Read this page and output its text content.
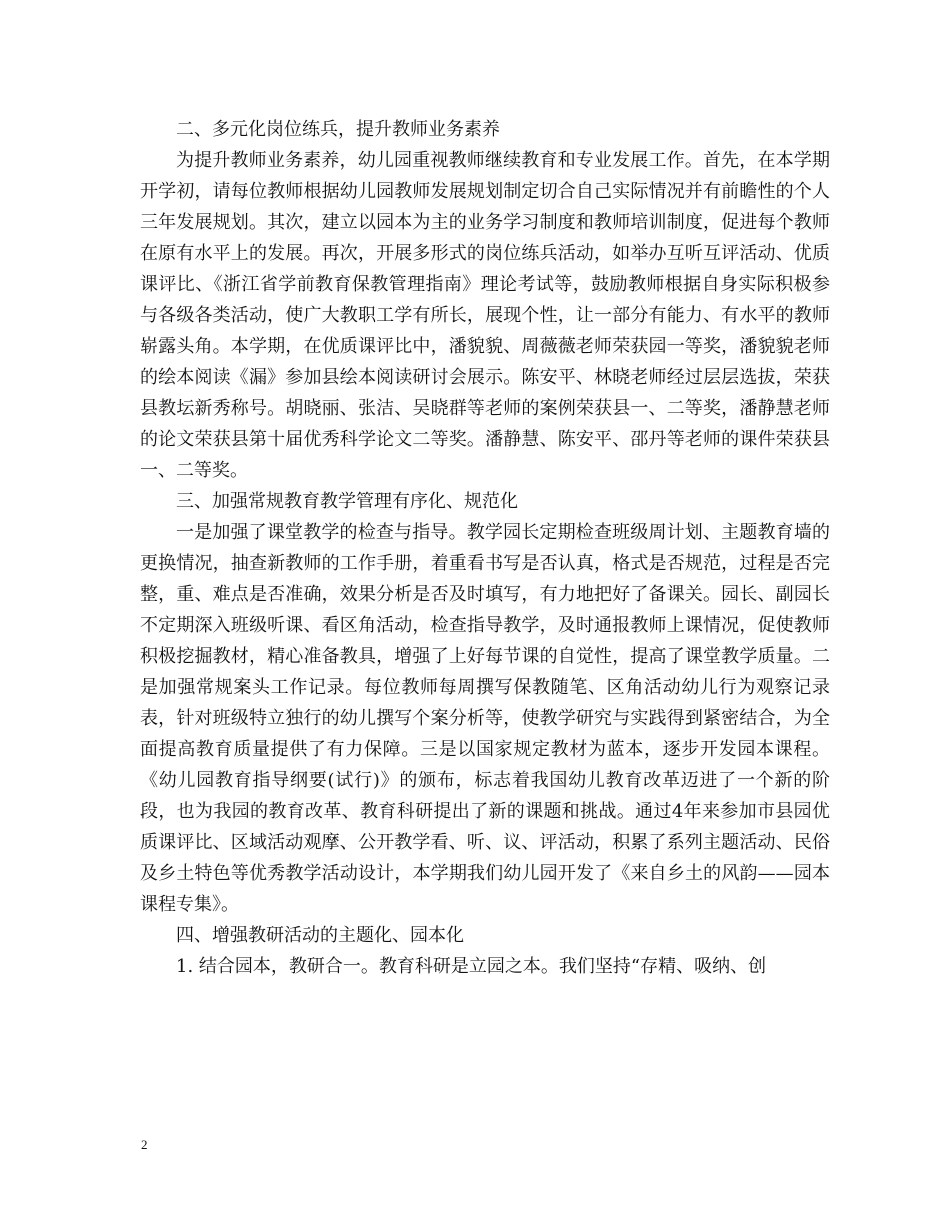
二、多元化岗位练兵，提升教师业务素养

为提升教师业务素养，幼儿园重视教师继续教育和专业发展工作。首先，在本学期开学初，请每位教师根据幼儿园教师发展规划制定切合自己实际情况并有前瞻性的个人三年发展规划。其次，建立以园本为主的业务学习制度和教师培训制度，促进每个教师在原有水平上的发展。再次，开展多形式的岗位练兵活动，如举办互听互评活动、优质课评比、《浙江省学前教育保教管理指南》理论考试等，鼓励教师根据自身实际积极参与各级各类活动，使广大教职工学有所长，展现个性，让一部分有能力、有水平的教师崭露头角。本学期，在优质课评比中，潘貌貌、周薇薇老师荣获园一等奖，潘貌貌老师的绘本阅读《漏》参加县绘本阅读研讨会展示。陈安平、林晓老师经过层层选拔，荣获县教坛新秀称号。胡晓丽、张洁、吴晓群等老师的案例荣获县一、二等奖，潘静慧老师的论文荣获县第十届优秀科学论文二等奖。潘静慧、陈安平、邵丹等老师的课件荣获县一、二等奖。

三、加强常规教育教学管理有序化、规范化

一是加强了课堂教学的检查与指导。教学园长定期检查班级周计划、主题教育墙的更换情况，抽查新教师的工作手册，着重看书写是否认真，格式是否规范，过程是否完整，重、难点是否准确，效果分析是否及时填写，有力地把好了备课关。园长、副园长不定期深入班级听课、看区角活动，检查指导教学，及时通报教师上课情况，促使教师积极挖掘教材，精心准备教具，增强了上好每节课的自觉性，提高了课堂教学质量。二是加强常规案头工作记录。每位教师每周撰写保教随笔、区角活动幼儿行为观察记录表，针对班级特立独行的幼儿撰写个案分析等，使教学研究与实践得到紧密结合，为全面提高教育质量提供了有力保障。三是以国家规定教材为蓝本，逐步开发园本课程。《幼儿园教育指导纲要(试行)》的颁布，标志着我国幼儿教育改革迈进了一个新的阶段，也为我园的教育改革、教育科研提出了新的课题和挑战。通过4年来参加市县园优质课评比、区域活动观摩、公开教学看、听、议、评活动，积累了系列主题活动、民俗及乡土特色等优秀教学活动设计，本学期我们幼儿园开发了《来自乡土的风韵——园本课程专集》。

四、增强教研活动的主题化、园本化

1. 结合园本，教研合一。教育科研是立园之本。我们坚持“存精、吸纳、创

2
